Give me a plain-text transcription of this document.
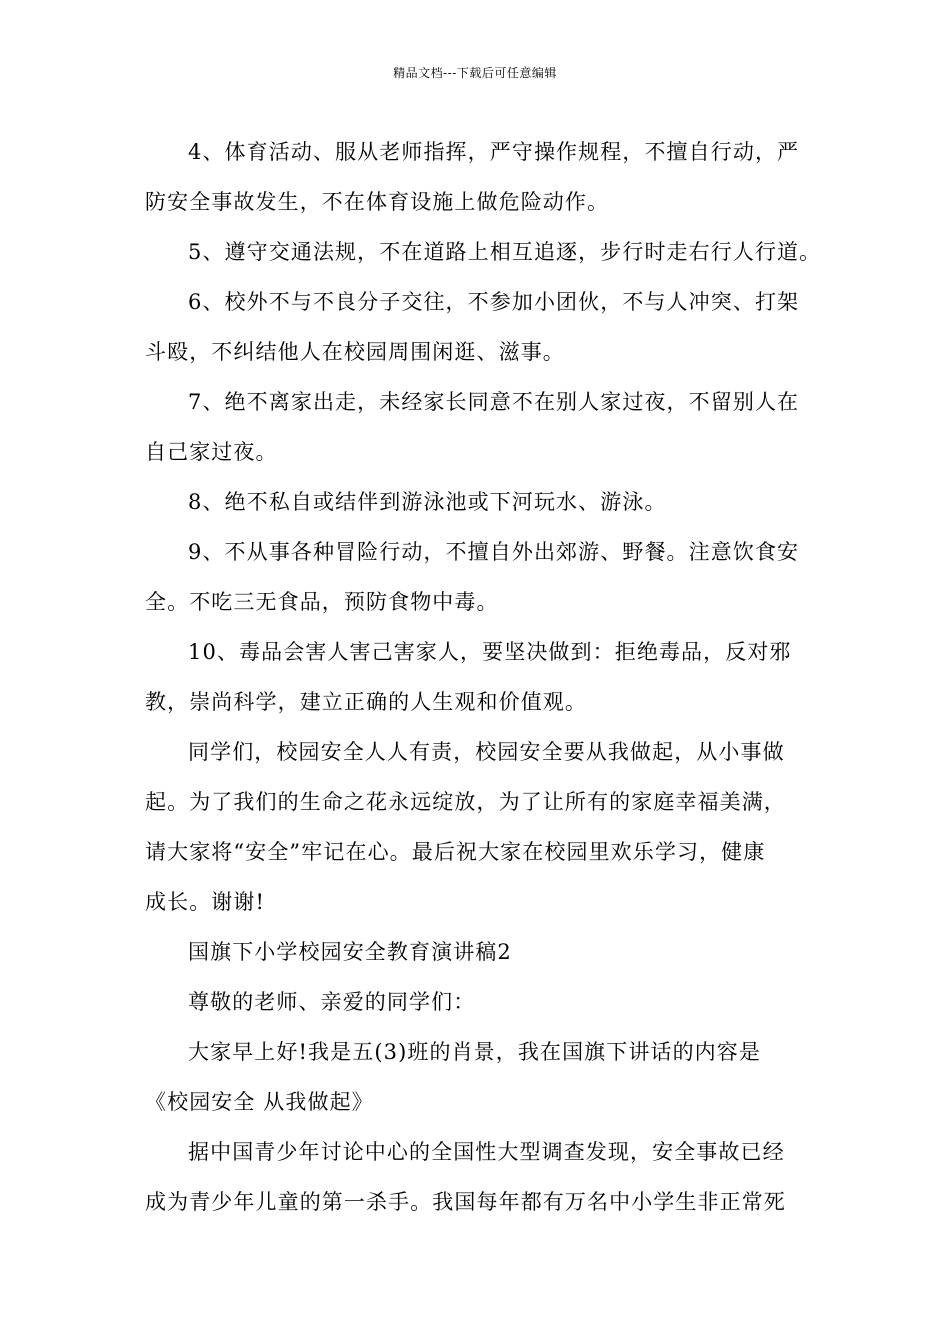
精品文档---下载后可任意编辑
4、体育活动、服从老师指挥，严守操作规程，不擅自行动，严
防安全事故发生，不在体育设施上做危险动作。
5、遵守交通法规，不在道路上相互追逐，步行时走右行人行道。
6、校外不与不良分子交往，不参加小团伙，不与人冲突、打架
斗殴，不纠结他人在校园周围闲逛、滋事。
7、绝不离家出走，未经家长同意不在别人家过夜，不留别人在
自己家过夜。
8、绝不私自或结伴到游泳池或下河玩水、游泳。
9、不从事各种冒险行动，不擅自外出郊游、野餐。注意饮食安
全。不吃三无食品，预防食物中毒。
10、毒品会害人害己害家人，要坚决做到：拒绝毒品，反对邪
教，崇尚科学，建立正确的人生观和价值观。
同学们，校园安全人人有责，校园安全要从我做起，从小事做
起。为了我们的生命之花永远绽放，为了让所有的家庭幸福美满，
请大家将“安全”牢记在心。最后祝大家在校园里欢乐学习，健康
成长。谢谢!
国旗下小学校园安全教育演讲稿2
尊敬的老师、亲爱的同学们：
大家早上好!我是五(3)班的肖景，我在国旗下讲话的内容是
《校园安全 从我做起》
据中国青少年讨论中心的全国性大型调查发现，安全事故已经
成为青少年儿童的第一杀手。我国每年都有万名中小学生非正常死
